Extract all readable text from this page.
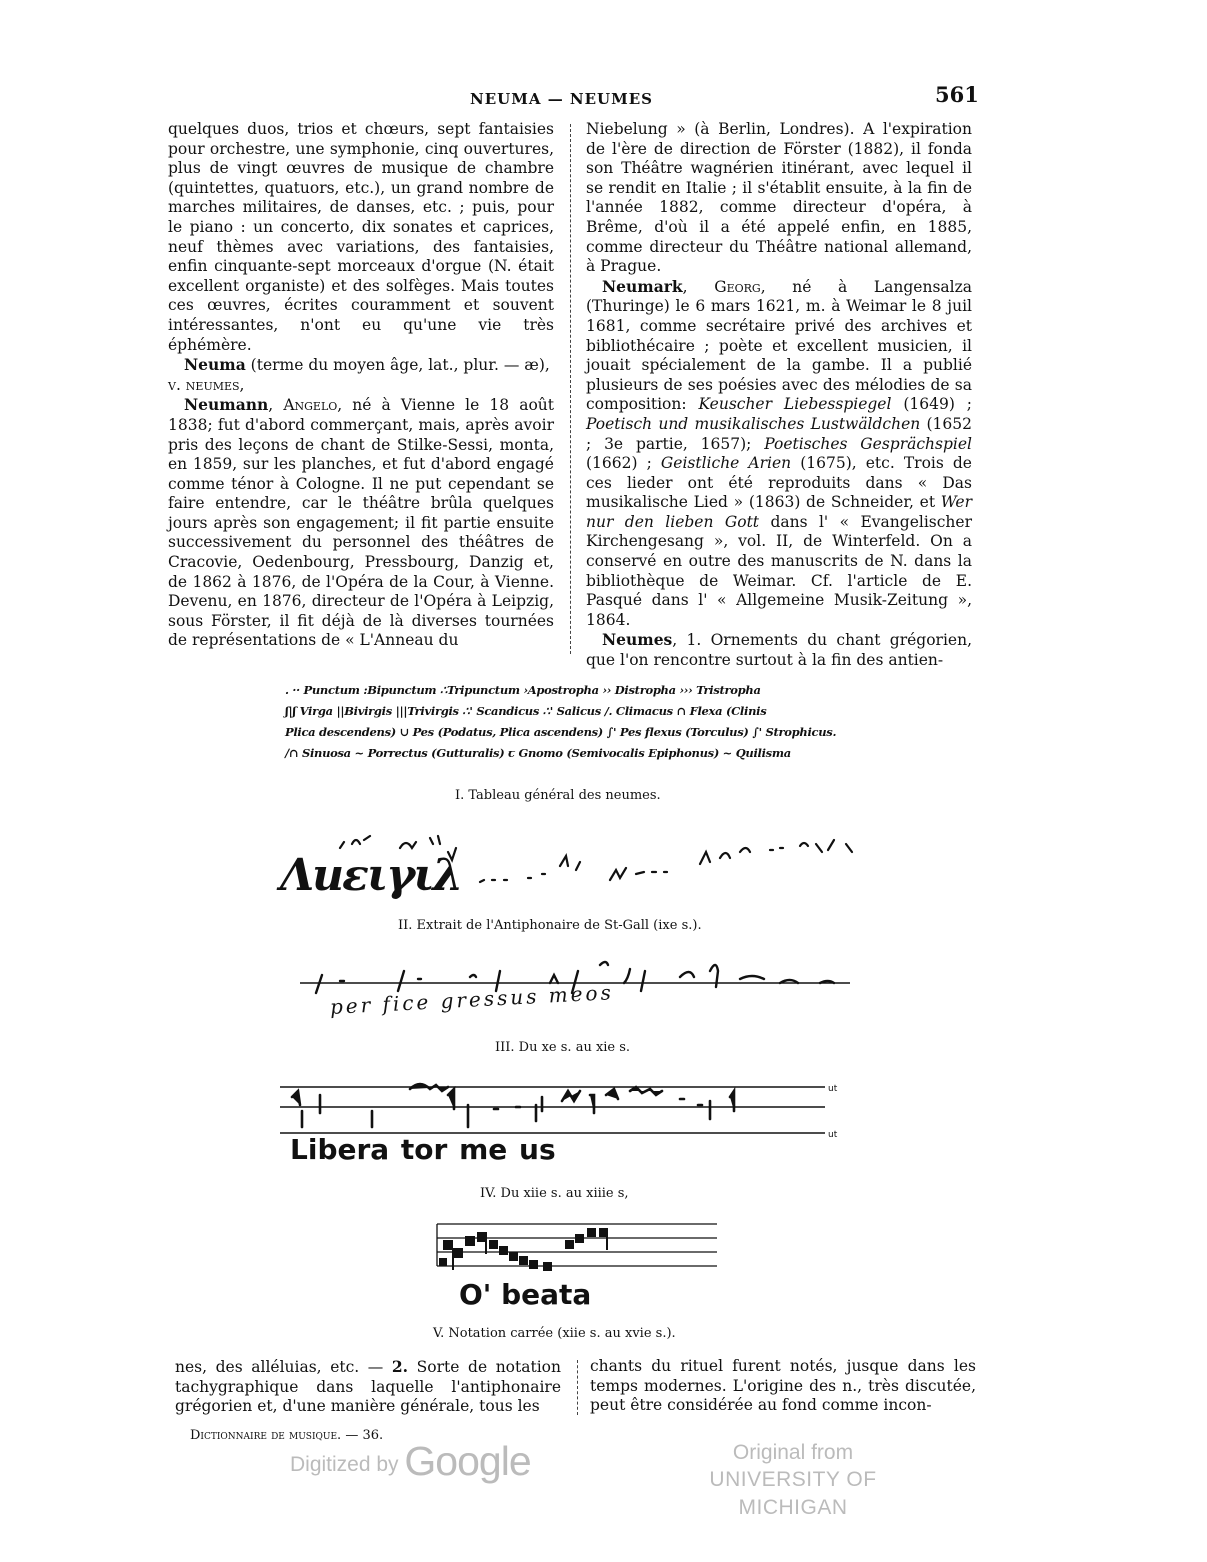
NEUMA — NEUMES	561

quelques duos, trios et chœurs, sept fantaisies pour orchestre, une symphonie, cinq ouvertures, plus de vingt œuvres de musique de chambre (quintettes, quatuors, etc.), un grand nombre de marches militaires, de danses, etc. ; puis, pour le piano : un concerto, dix sonates et caprices, neuf thèmes avec variations, des fantaisies, enfin cinquante-sept morceaux d'orgue (N. était excellent organiste) et des solfèges. Mais toutes ces œuvres, écrites couramment et souvent intéressantes, n'ont eu qu'une vie très éphémère.

Neuma (terme du moyen âge, lat., plur. — æ),
v. neumes,

Neumann, Angelo, né à Vienne le 18 août 1838; fut d'abord commerçant, mais, après avoir pris des leçons de chant de Stilke-Sessi, monta, en 1859, sur les planches, et fut d'abord engagé comme ténor à Cologne. Il ne put cependant se faire entendre, car le théâtre brûla quelques jours après son engagement; il fit partie ensuite successivement du personnel des théâtres de Cracovie, Oedenbourg, Pressbourg, Danzig et, de 1862 à 1876, de l'Opéra de la Cour, à Vienne. Devenu, en 1876, directeur de l'Opéra à Leipzig, sous Förster, il fit déjà de là diverses tournées de représentations de « L'Anneau du

Niebelung » (à Berlin, Londres). A l'expiration de l'ère de direction de Förster (1882), il fonda son Théâtre wagnérien itinérant, avec lequel il se rendit en Italie ; il s'établit ensuite, à la fin de l'année 1882, comme directeur d'opéra, à Brême, d'où il a été appelé enfin, en 1885, comme directeur du Théâtre national allemand, à Prague.

Neumark, Georg, né à Langensalza (Thuringe) le 6 mars 1621, m. à Weimar le 8 juil 1681, comme secrétaire privé des archives et bibliothécaire ; poète et excellent musicien, il jouait spécialement de la gambe. Il a publié plusieurs de ses poésies avec des mélodies de sa composition: Keuscher Liebesspiegel (1649) ; Poetisch und musikalisches Lustwäldchen (1652 ; 3e partie, 1657); Poetisches Gesprächspiel (1662) ; Geistliche Arien (1675), etc. Trois de ces lieder ont été reproduits dans « Das musikalische Lied » (1863) de Schneider, et Wer nur den lieben Gott dans l' « Evangelischer Kirchengesang », vol. II, de Winterfeld. On a conservé en outre des manuscrits de N. dans la bibliothèque de Weimar. Cf. l'article de E. Pasqué dans l' « Allgemeine Musik-Zeitung », 1864.

Neumes, 1. Ornements du chant grégorien, que l'on rencontre surtout à la fin des antien-

. ·· Punctum :Bipunctum ∴Tripunctum ›Apostropha ›› Distropha ››› Tristropha
ʃ|ʃ Virga ||Bivirgis |||Trivirgis ∴' Scandicus ∴' Salicus /. Climacus ∩ Flexa (Clinis
Plica descendens) ∪ Pes (Podatus, Plica ascendens) ∫' Pes flexus (Torculus) ∫' Strophicus.
∕∩ Sinuosa ~ Porrectus (Gutturalis) ꞇ Gnomo (Semivocalis Epiphonus) ~ Quilisma
I. Tableau général des neumes.
Λuειγιλ
II. Extrait de l'Antiphonaire de St-Gall (ixe s.).
per fice gressus meos
III. Du xe s. au xie s.
ut
ut
Libera tor me us
IV. Du xiie s. au xiiie s,
O' beata
V. Notation carrée (xiie s. au xvie s.).

nes, des alléluias, etc. — 2. Sorte de notation tachygraphique dans laquelle l'antiphonaire grégorien et, d'une manière générale, tous les

chants du rituel furent notés, jusque dans les temps modernes. L'origine des n., très discutée, peut être considérée au fond comme incon-

Dictionnaire de musique. — 36.
Digitized by Google	Original from
UNIVERSITY OF MICHIGAN
